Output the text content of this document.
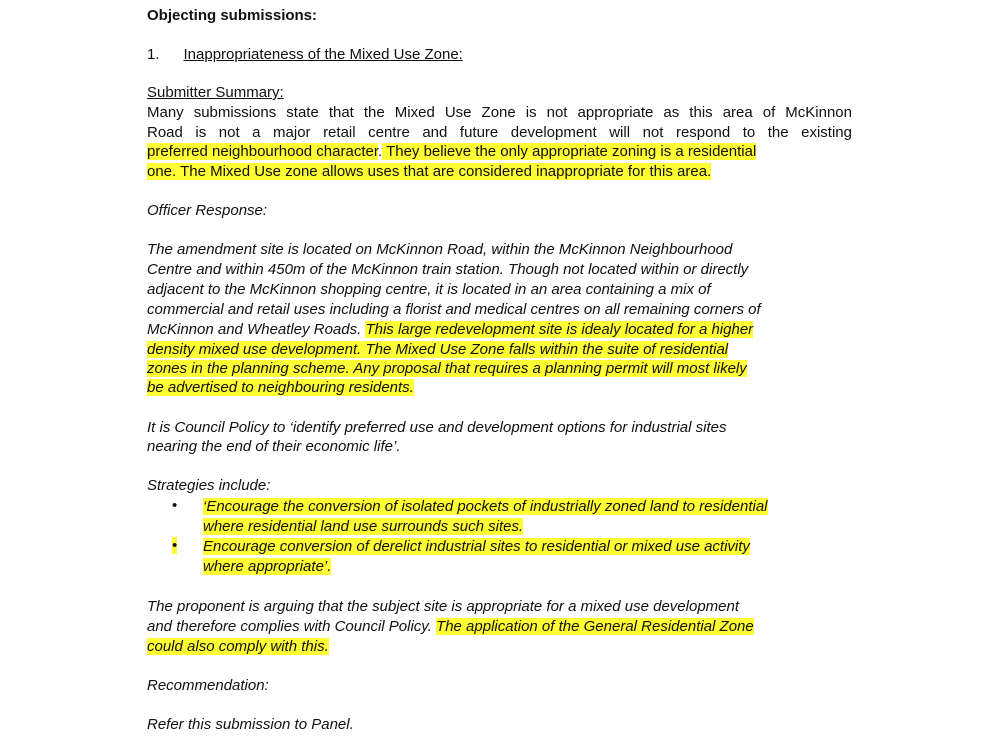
Objecting submissions:
1. Inappropriateness of the Mixed Use Zone:
Submitter Summary:
Many submissions state that the Mixed Use Zone is not appropriate as this area of McKinnon
Road is not a major retail centre and future development will not respond to the existing
preferred neighbourhood character. They believe the only appropriate zoning is a residential
one. The Mixed Use zone allows uses that are considered inappropriate for this area.
Officer Response:
The amendment site is located on McKinnon Road, within the McKinnon Neighbourhood
Centre and within 450m of the McKinnon train station. Though not located within or directly
adjacent to the McKinnon shopping centre, it is located in an area containing a mix of
commercial and retail uses including a florist and medical centres on all remaining corners of
McKinnon and Wheatley Roads. This large redevelopment site is idealy located for a higher
density mixed use development. The Mixed Use Zone falls within the suite of residential
zones in the planning scheme. Any proposal that requires a planning permit will most likely
be advertised to neighbouring residents.
It is Council Policy to ‘identify preferred use and development options for industrial sites
nearing the end of their economic life’.
Strategies include:
• ‘Encourage the conversion of isolated pockets of industrially zoned land to residential
where residential land use surrounds such sites.
• Encourage conversion of derelict industrial sites to residential or mixed use activity
where appropriate’.
The proponent is arguing that the subject site is appropriate for a mixed use development
and therefore complies with Council Policy. The application of the General Residential Zone
could also comply with this.
Recommendation:
Refer this submission to Panel.
